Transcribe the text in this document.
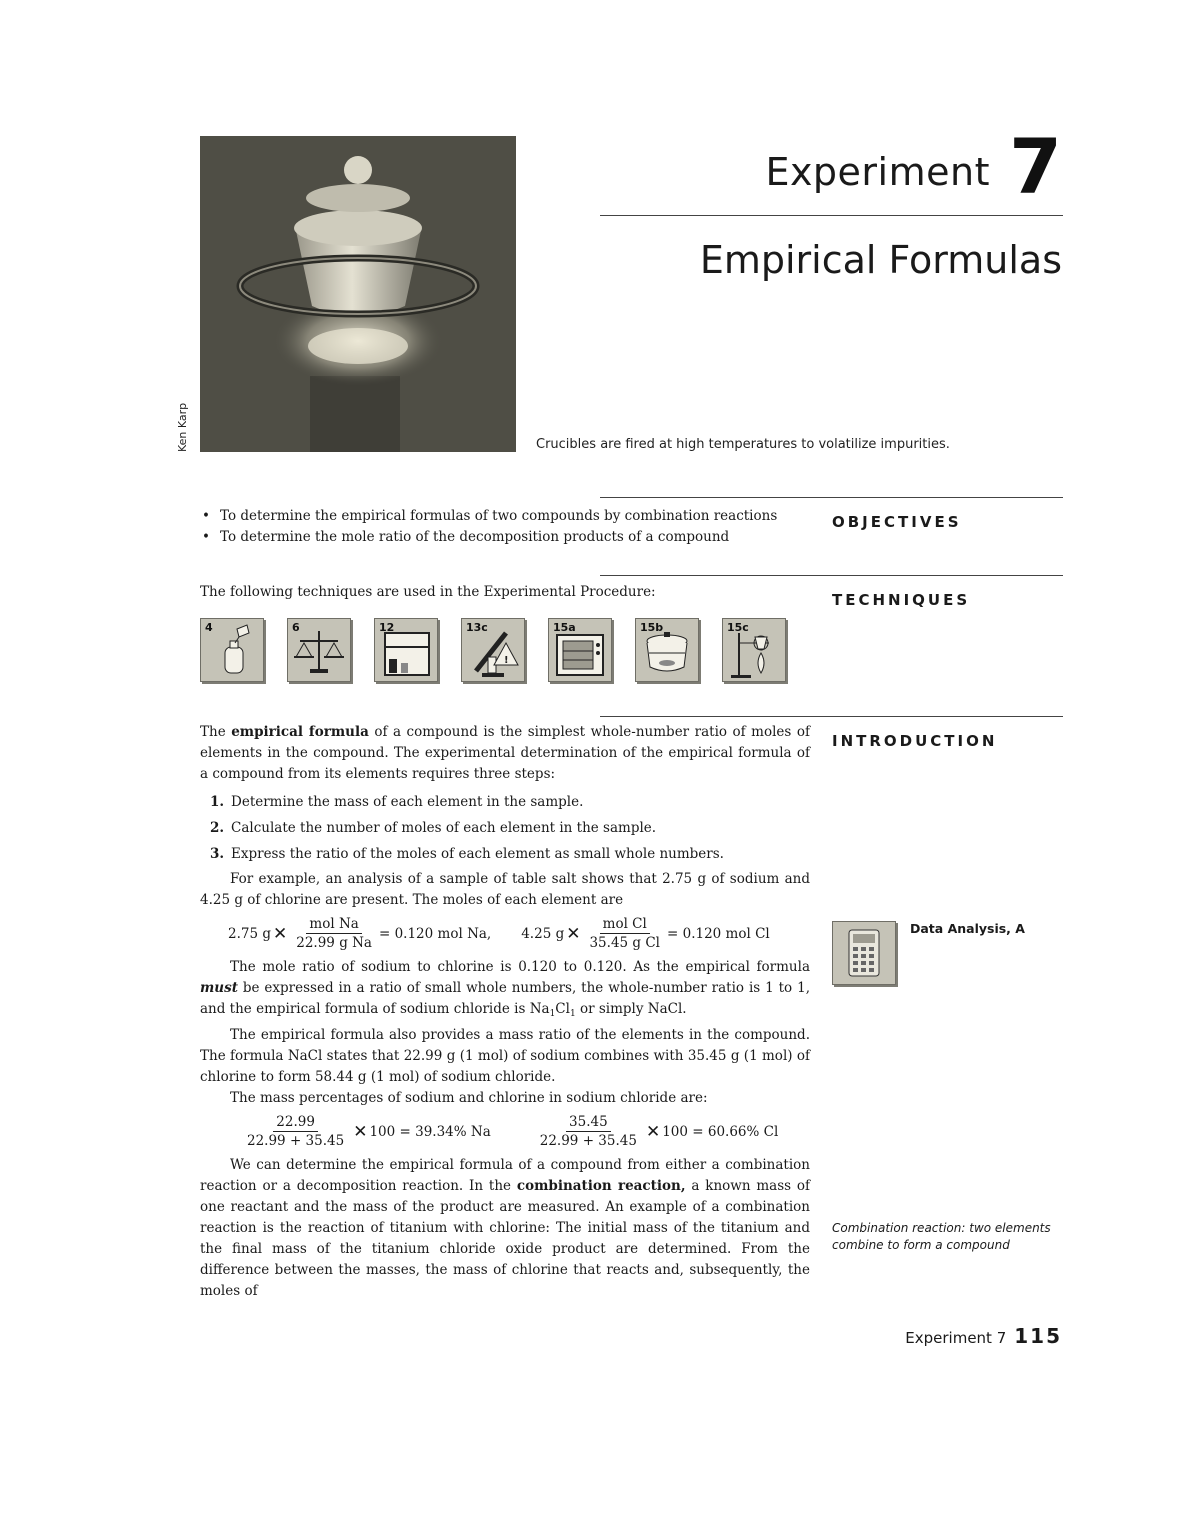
Ken Karp	Crucibles are fired at high temperatures to volatilize impurities.
Experiment 7
Empirical Formulas
OBJECTIVES
• To determine the empirical formulas of two compounds by combination reactions
• To determine the mole ratio of the decomposition products of a compound
TECHNIQUES
The following techniques are used in the Experimental Procedure:
4	6	12
!
13c	15a	15b	15c
INTRODUCTION
The empirical formula of a compound is the simplest whole-number ratio of moles of elements in the compound. The experimental determination of the empirical formula of a compound from its elements requires three steps:
1. Determine the mass of each element in the sample.
2. Calculate the number of moles of each element in the sample.
3. Express the ratio of the moles of each element as small whole numbers.
For example, an analysis of a sample of table salt shows that 2.75 g of sodium and 4.25 g of chlorine are present. The moles of each element are
2.75 g ✕ $\frac{\text{mol Na}}{\text{22.99 g Na}} = 0.120$ mol Na, 4.25 g ✕ $\frac{\text{mol Cl}}{\text{35.45 g Cl}} = 0.120$ mol Cl
The mole ratio of sodium to chlorine is 0.120 to 0.120. As the empirical formula must be expressed in a ratio of small whole numbers, the whole-number ratio is 1 to 1, and the empirical formula of sodium chloride is $Na_1Cl_1$ or simply NaCl.
The empirical formula also provides a mass ratio of the elements in the compound. The formula NaCl states that 22.99 g (1 mol) of sodium combines with 35.45 g (1 mol) of chlorine to form 58.44 g (1 mol) of sodium chloride.
The mass percentages of sodium and chlorine in sodium chloride are:
$\frac{22.99}{22.99 + 35.45}$ ✕ 100 = 39.34% Na	$\frac{35.45}{22.99 + 35.45}$ ✕ 100 = 60.66% Cl
We can determine the empirical formula of a compound from either a combination reaction or a decomposition reaction. In the combination reaction, a known mass of one reactant and the mass of the product are measured. An example of a combination reaction is the reaction of titanium with chlorine: The initial mass of the titanium and the final mass of the titanium chloride oxide product are determined. From the difference between the masses, the mass of chlorine that reacts and, subsequently, the moles of
Data Analysis, A
Combination reaction: two elements combine to form a compound
Experiment 7 115
